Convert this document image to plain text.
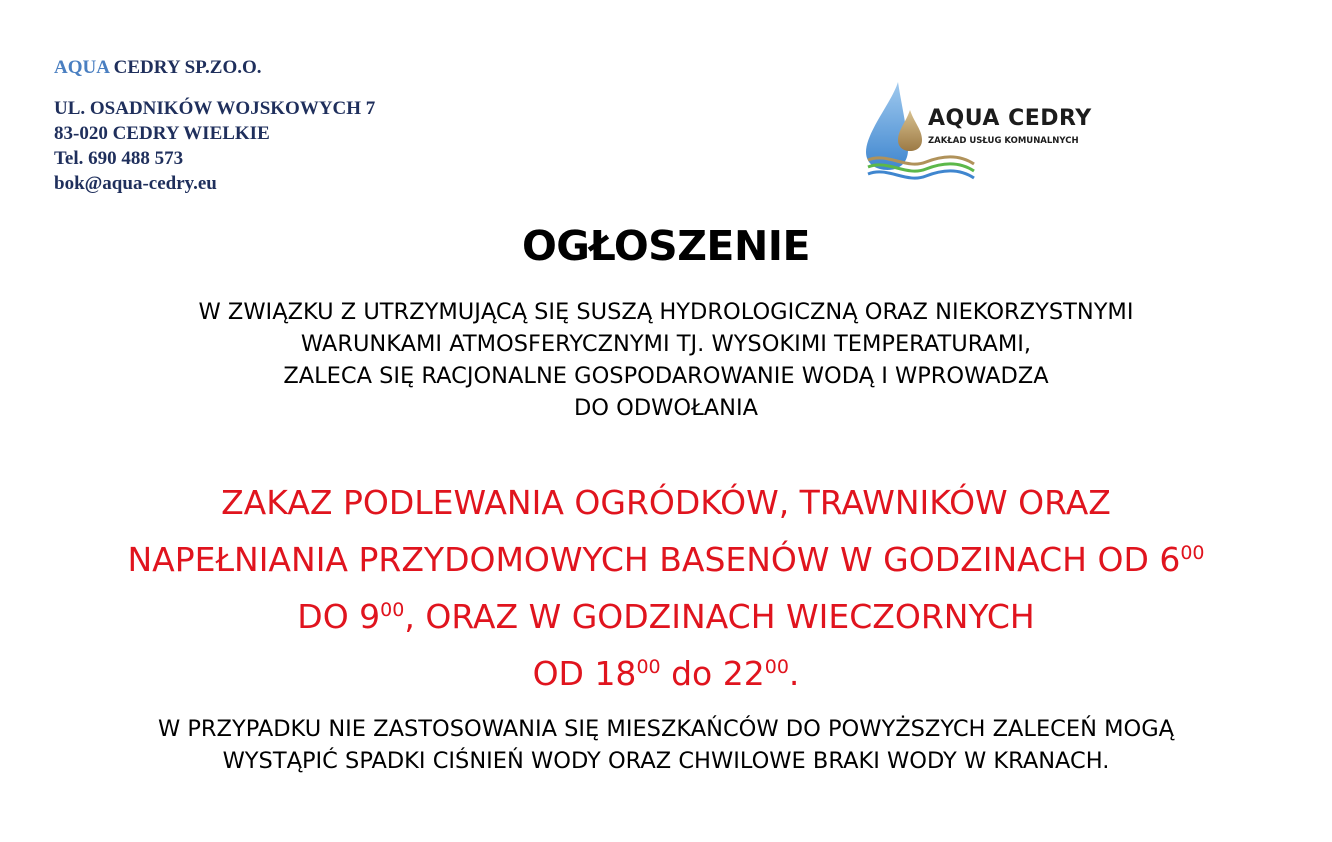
AQUA CEDRY SP.ZO.O.
UL. OSADNIKÓW WOJSKOWYCH 7
83-020 CEDRY WIELKIE
Tel. 690 488 573
bok@aqua-cedry.eu
AQUA CEDRY
ZAKŁAD USŁUG KOMUNALNYCH
OGŁOSZENIE
W ZWIĄZKU Z UTRZYMUJĄCĄ SIĘ SUSZĄ HYDROLOGICZNĄ ORAZ NIEKORZYSTNYMI
WARUNKAMI ATMOSFERYCZNYMI TJ. WYSOKIMI TEMPERATURAMI,
ZALECA SIĘ RACJONALNE GOSPODAROWANIE WODĄ I WPROWADZA
DO ODWOŁANIA
ZAKAZ PODLEWANIA OGRÓDKÓW, TRAWNIKÓW ORAZ
NAPEŁNIANIA PRZYDOMOWYCH BASENÓW W GODZINACH OD $6^{00}$
DO $9^{00}$, ORAZ W GODZINACH WIECZORNYCH
OD $18^{00}$ do $22^{00}$.
W PRZYPADKU NIE ZASTOSOWANIA SIĘ MIESZKAŃCÓW DO POWYŻSZYCH ZALECEŃ MOGĄ
WYSTĄPIĆ SPADKI CIŚNIEŃ WODY ORAZ CHWILOWE BRAKI WODY W KRANACH.
